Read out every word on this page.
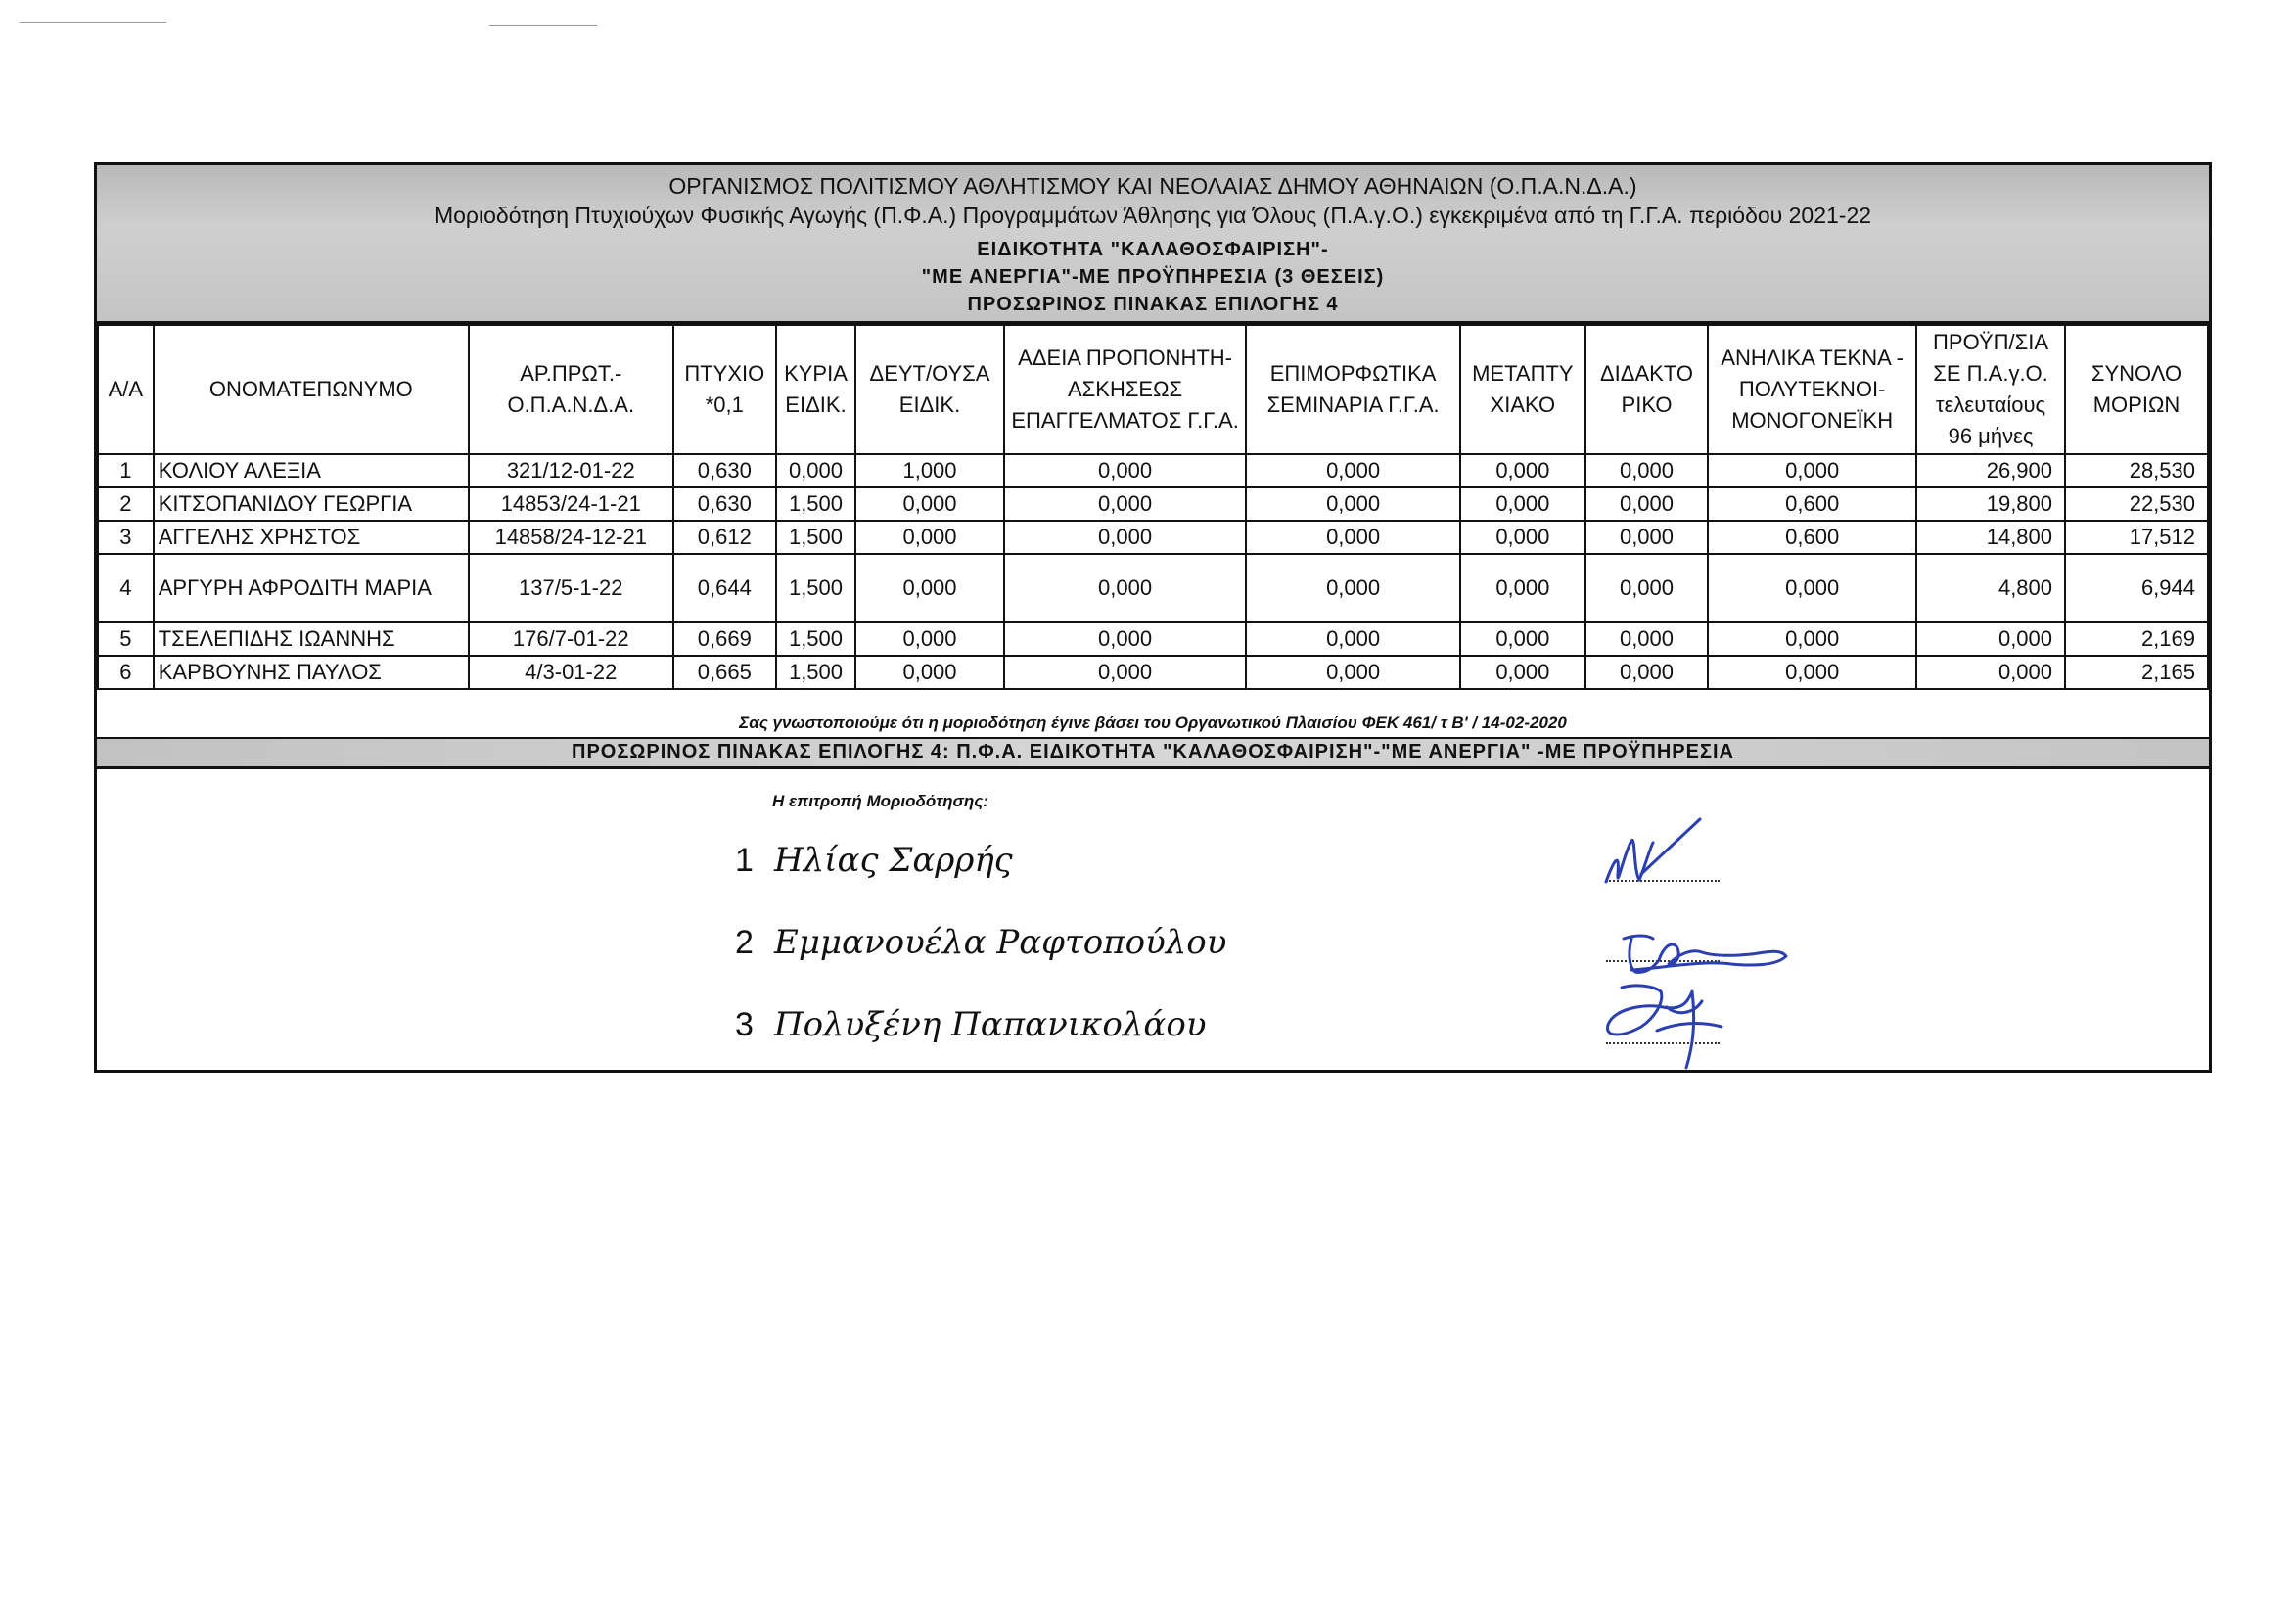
ΟΡΓΑΝΙΣΜΟΣ ΠΟΛΙΤΙΣΜΟΥ ΑΘΛΗΤΙΣΜΟΥ ΚΑΙ ΝΕΟΛΑΙΑΣ ΔΗΜΟΥ ΑΘΗΝΑΙΩΝ (Ο.Π.Α.Ν.Δ.Α.)
Μοριοδότηση Πτυχιούχων Φυσικής Αγωγής (Π.Φ.Α.) Προγραμμάτων Άθλησης για Όλους (Π.Α.γ.Ο.) εγκεκριμένα από τη Γ.Γ.Α. περιόδου 2021-22
ΕΙΔΙΚΟΤΗΤΑ "ΚΑΛΑΘΟΣΦΑΙΡΙΣΗ"-
"ΜΕ ΑΝΕΡΓΙΑ"-ΜΕ ΠΡΟΫΠΗΡΕΣΙΑ (3 ΘΕΣΕΙΣ)
ΠΡΟΣΩΡΙΝΟΣ ΠΙΝΑΚΑΣ ΕΠΙΛΟΓΗΣ 4
Α/Α	ΟΝΟΜΑΤΕΠΩΝΥΜΟ	ΑΡ.ΠΡΩΤ.- Ο.Π.Α.Ν.Δ.Α.	ΠΤΥΧΙΟ *0,1	ΚΥΡΙΑ ΕΙΔΙΚ.	ΔΕΥΤ/ΟΥΣΑ ΕΙΔΙΚ.	ΑΔΕΙΑ ΠΡΟΠΟΝΗΤΗ-ΑΣΚΗΣΕΩΣ ΕΠΑΓΓΕΛΜΑΤΟΣ Γ.Γ.Α.	ΕΠΙΜΟΡΦΩΤΙΚΑ ΣΕΜΙΝΑΡΙΑ Γ.Γ.Α.	ΜΕΤΑΠΤΥ ΧΙΑΚΟ	ΔΙΔΑΚΤΟ ΡΙΚΟ	ΑΝΗΛΙΚΑ ΤΕΚΝΑ - ΠΟΛΥΤΕΚΝΟΙ-ΜΟΝΟΓΟΝΕΪΚΗ	ΠΡΟΫΠ/ΣΙΑ ΣΕ Π.Α.γ.Ο. τελευταίους 96 μήνες	ΣΥΝΟΛΟ ΜΟΡΙΩΝ
1	ΚΟΛΙΟΥ ΑΛΕΞΙΑ	321/12-01-22	0,630	0,000	1,000	0,000	0,000	0,000	0,000	0,000	26,900	28,530
2	ΚΙΤΣΟΠΑΝΙΔΟΥ ΓΕΩΡΓΙΑ	14853/24-1-21	0,630	1,500	0,000	0,000	0,000	0,000	0,000	0,600	19,800	22,530
3	ΑΓΓΕΛΗΣ ΧΡΗΣΤΟΣ	14858/24-12-21	0,612	1,500	0,000	0,000	0,000	0,000	0,000	0,600	14,800	17,512
4	ΑΡΓΥΡΗ ΑΦΡΟΔΙΤΗ ΜΑΡΙΑ	137/5-1-22	0,644	1,500	0,000	0,000	0,000	0,000	0,000	0,000	4,800	6,944
5	ΤΣΕΛΕΠΙΔΗΣ ΙΩΑΝΝΗΣ	176/7-01-22	0,669	1,500	0,000	0,000	0,000	0,000	0,000	0,000	0,000	2,169
6	ΚΑΡΒΟΥΝΗΣ ΠΑΥΛΟΣ	4/3-01-22	0,665	1,500	0,000	0,000	0,000	0,000	0,000	0,000	0,000	2,165
Σας γνωστοποιούμε ότι η μοριοδότηση έγινε βάσει του Οργανωτικού Πλαισίου ΦΕΚ 461/ τ Β' / 14-02-2020
ΠΡΟΣΩΡΙΝΟΣ ΠΙΝΑΚΑΣ ΕΠΙΛΟΓΗΣ 4: Π.Φ.Α. ΕΙΔΙΚΟΤΗΤΑ "ΚΑΛΑΘΟΣΦΑΙΡΙΣΗ"-"ΜΕ ΑΝΕΡΓΙΑ" -ΜΕ ΠΡΟΫΠΗΡΕΣΙΑ
Η επιτροπή Μοριοδότησης:
1 Ηλίας Σαρρής
2 Εμμανουέλα Ραφτοπούλου
3 Πολυξένη Παπανικολάου
